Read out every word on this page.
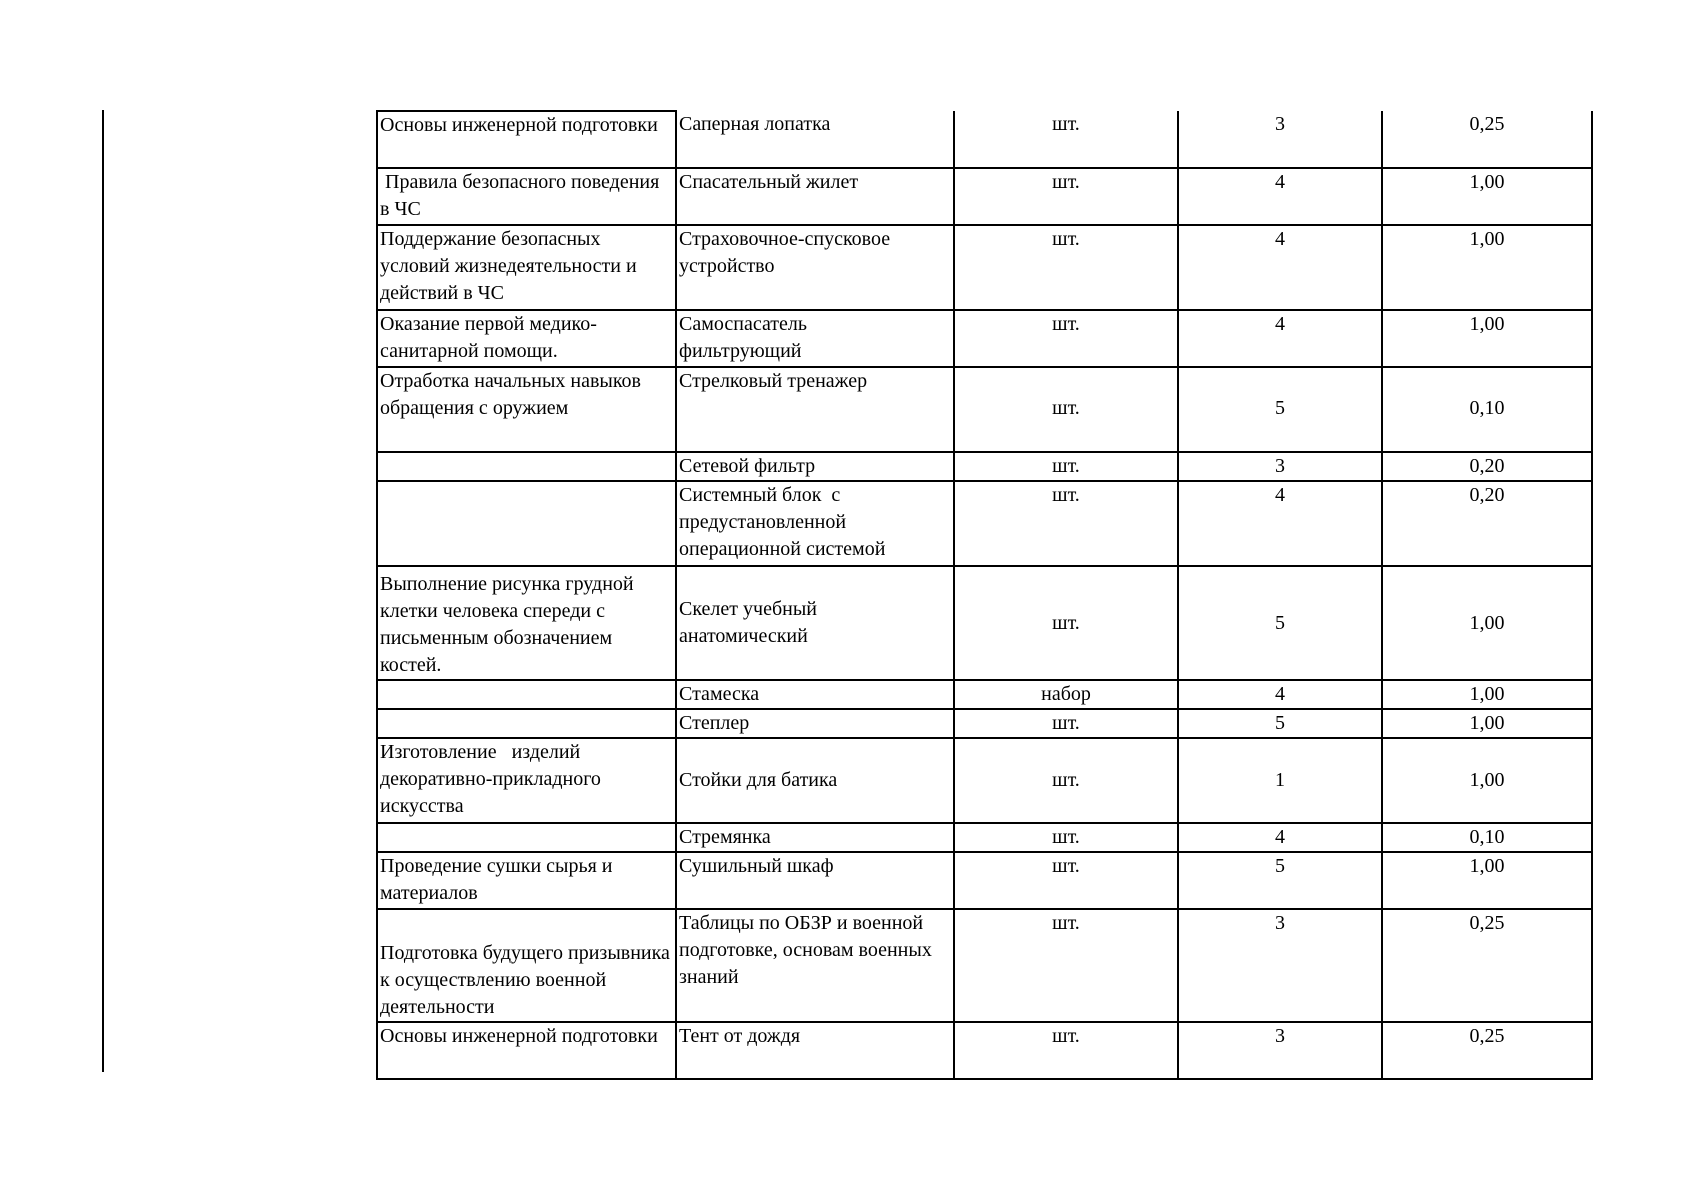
Основы инженерной подготовки	Саперная лопатка	шт.	3	0,25
Правила безопасного поведения в ЧС	Спасательный жилет	шт.	4	1,00
Поддержание безопасных условий жизнедеятельности и действий в ЧС	Страховочное-спусковое устройство	шт.	4	1,00
Оказание первой медико-санитарной помощи.	Самоспасатель фильтрующий	шт.	4	1,00
Отработка начальных навыков обращения с оружием	Стрелковый тренажер	шт.	5	0,10
	Сетевой фильтр	шт.	3	0,20
	Системный блок  с предустановленной операционной системой	шт.	4	0,20
Выполнение рисунка грудной клетки человека спереди с письменным обозначением костей.	Скелет учебный анатомический	шт.	5	1,00
	Стамеска	набор	4	1,00
	Степлер	шт.	5	1,00
Изготовление   изделий декоративно-прикладного искусства	Стойки для батика	шт.	1	1,00
	Стремянка	шт.	4	0,10
Проведение сушки сырья и материалов	Сушильный шкаф	шт.	5	1,00
Подготовка будущего призывника к осуществлению военной деятельности	Таблицы по ОБЗР и военной подготовке, основам военных знаний	шт.	3	0,25
Основы инженерной подготовки	Тент от дождя	шт.	3	0,25
